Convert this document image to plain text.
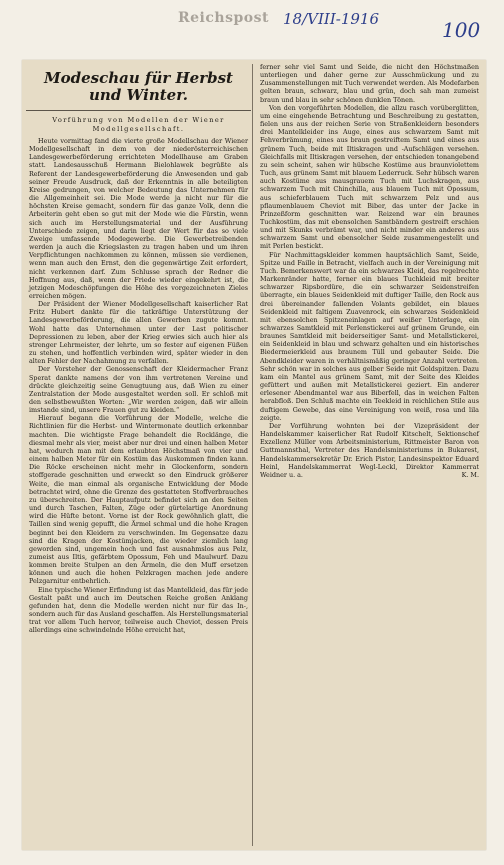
Reichspost 18/VIII-1916	100
Modeschau für Herbst und Winter.
Vorführung von Modellen der Wiener Modellgesellschaft.

Heute vormittag fand die vierte große Modellschau der Wiener Modellgesellschaft in dem von der niederösterreichischen Landesgewerbeförderung errichteten Modellhause am Graben statt. Landesausschuß Hermann Bielohlawek begrüßte als Referent der Landesgewerbeförderung die Anwesenden und gab seiner Freude Ausdruck, daß der Erkenntnis in alle beteiligten Kreise gedrungen, von welcher Bedeutung das Unternehmen für die Allgemeinheit sei. Die Mode werde ja nicht nur für die höchsten Kreise gemacht, sondern für das ganze Volk, denn die Arbeiterin geht eben so gut mit der Mode wie die Fürstin, wenn sich auch im Herstellungsmaterial und der Ausführung Unterschiede zeigen, und darin liegt der Wert für das so viele Zweige umfassende Modegewerbe. Die Gewerbetreibenden werden ja auch die Kriegslasten zu tragen haben und um ihren Verpflichtungen nachkommen zu können, müssen sie verdienen, wenn man auch den Ernst, den die gegenwärtige Zeit erfordert, nicht verkennen darf. Zum Schlusse sprach der Redner die Hoffnung aus, daß, wenn der Friede wieder eingekehrt ist, die jetzigen Modeschöpfungen die Höhe des vorgezeichneten Zieles erreichen mögen.

Der Präsident der Wiener Modellgesellschaft kaiserlicher Rat Fritz Hubert dankte für die tatkräftige Unterstützung der Landesgewerbeförderung, die allen Gewerben zugute kommt. Wohl hatte das Unternehmen unter der Last politischer Depressionen zu leben, aber der Krieg erwies sich auch hier als strenger Lehrmeister, der lehrte, um so fester auf eigenen Füßen zu stehen, und hoffentlich verbinden wird, später wieder in den alten Fehler der Nachahmung zu verfallen.

Der Vorsteher der Genossenschaft der Kleidermacher Franz Sperat dankte namens der von ihm vertretenen Vereine und drückte gleichzeitig seine Genugtuung aus, daß Wien zu einer Zentralstation der Mode ausgestaltet werden soll. Er schloß mit den selbstbewußten Worten: „Wir werden zeigen, daß wir allein imstande sind, unsere Frauen gut zu kleiden.“

Hierauf begann die Vorführung der Modelle, welche die Richtlinien für die Herbst- und Wintermonate deutlich erkennbar machten. Die wichtigste Frage behandelt die Rocklänge, die diesmal mehr als vier, meist aber nur drei und einen halben Meter hat, wodurch man mit dem erlaubten Höchstmaß von vier und einem halben Meter für ein Kostüm das Auskommen finden kann. Die Röcke erscheinen nicht mehr in Glockenform, sondern stoffgerade geschnitten und erweckt so den Eindruck größerer Weite, die man einmal als organische Entwicklung der Mode betrachtet wird, ohne die Grenze des gestatteten Stoffverbrauches zu überschreiten. Der Hauptaufputz befindet sich an den Seiten und durch Taschen, Falten, Züge oder gürtelartige Anordnung wird die Hüfte betont. Vorne ist der Rock gewöhnlich glatt, die Taillen sind wenig gepufft, die Ärmel schmal und die hohe Kragen beginnt bei den Kleidern zu verschwinden. Im Gegensatze dazu sind die Kragen der Kostümjacken, die wieder ziemlich lang geworden sind, ungemein hoch und fast ausnahmslos aus Pelz, zumeist aus Iltis, gefärbtem Opossum, Feh und Maulwurf. Dazu kommen breite Stulpen an den Ärmeln, die den Muff ersetzen können und auch die hohen Pelzkragen machen jede andere Pelzgarnitur entbehrlich.

Eine typische Wiener Erfindung ist das Mantelkleid, das für jede Gestalt paßt und auch im Deutschen Reiche großen Anklang gefunden hat, denn die Modelle werden nicht nur für das In-, sondern auch für das Ausland geschaffen. Als Herstellungsmaterial trat vor allem Tuch hervor, teilweise auch Cheviot, dessen Preis allerdings eine schwindelnde Höhe erreicht hat,

ferner sehr viel Samt und Seide, die nicht den Höchstmaßen unterliegen und daher gerne zur Ausschmückung und zu Zusammenstellungen mit Tuch verwendet werden. Als Modefarben gelten braun, schwarz, blau und grün, doch sah man zumeist braun und blau in sehr schönen dunklen Tönen.

Von den vorgeführten Modellen, die allzu rasch vorüberglitten, um eine eingehende Betrachtung und Beschreibung zu gestatten, fielen uns aus der reichen Serie von Straßenkleidern besonders drei Mantelkleider ins Auge, eines aus schwarzem Samt mit Fehverbrämung, eines aus braun gestreiftem Samt und eines aus grünem Tuch, beide mit Iltiskragen und -Aufschlägen versehen. Gleichfalls mit Iltiskragen versehen, der entschieden tonangebend zu sein scheint, sahen wir hübsche Kostüme aus braunviolettem Tuch, aus grünem Samt mit blauem Lederruck. Sehr hübsch waren auch Kostüme aus mausgrauem Tuch mit Luchskragen, aus schwarzem Tuch mit Chinchilla, aus blauem Tuch mit Opossum, aus schieferblauem Tuch mit schwarzem Pelz und aus pflaumenblauem Cheviot mit Biber, das unter der Jacke in Prinzeßform geschnitten war. Reizend war ein braunes Tuchkostüm, das mit ebensolchen Samtbändern gestreift erschien und mit Skunks verbrämt war, und nicht minder ein anderes aus schwarzem Samt und ebensolcher Seide zusammengestellt und mit Perlen bestickt.

Für Nachmittagskleider kommen hauptsächlich Samt, Seide, Spitze und Faille in Betracht, vielfach auch in der Vereinigung mit Tuch. Bemerkenswert war da ein schwarzes Kleid, das regelrechte Markenränder hatte, ferner ein blaues Tuchkleid mit breiter schwarzer Ripsbordüre, die ein schwarzer Seidenstreifen überragte, ein blaues Seidenkleid mit duftiger Taille, den Rock aus drei übereinander fallenden Volants gebildet, ein blaues Seidenkleid mit faltigem Zuavenrock, ein schwarzes Seidenkleid mit ebensolchen Spitzeneinlagen auf weißer Unterlage, ein schwarzes Samtkleid mit Perlenstickerei auf grünem Grunde, ein braunes Samtkleid mit beiderseitiger Samt- und Metallstickerei, ein Seidenkleid in blau und schwarz gehalten und ein historisches Biedermeierkleid aus braunem Tüll und gebauter Seide. Die Abendkleider waren in verhältnismäßig geringer Anzahl vertreten. Sehr schön war in solches aus gelber Seide mit Goldspitzen. Dazu kam ein Mantel aus grünem Samt, mit der Seite des Kleides gefüttert und außen mit Metallstickerei geziert. Ein anderer erlesener Abendmantel war aus Biberfell, das in weichen Falten herabfloß. Den Schluß machte ein Teekleid in reichlichen Stile aus duftigem Gewebe, das eine Vereinigung von weiß, rosa und lila zeigte.

Der Vorführung wohnten bei der Vizepräsident der Handelskammer kaiserlicher Rat Rudolf Kitschelt, Sektionschef Exzellenz Müller vom Arbeitsministerium, Rittmeister Baron von Guttmannsthal, Vertreter des Handelsministeriums in Bukarest, Handelskammersekretär Dr. Erich Pistor, Landesinspektor Eduard Heinl, Handelskammerrat Wegl-Leckl, Direktor Kammerrat Weidner u. a.	K. M.
